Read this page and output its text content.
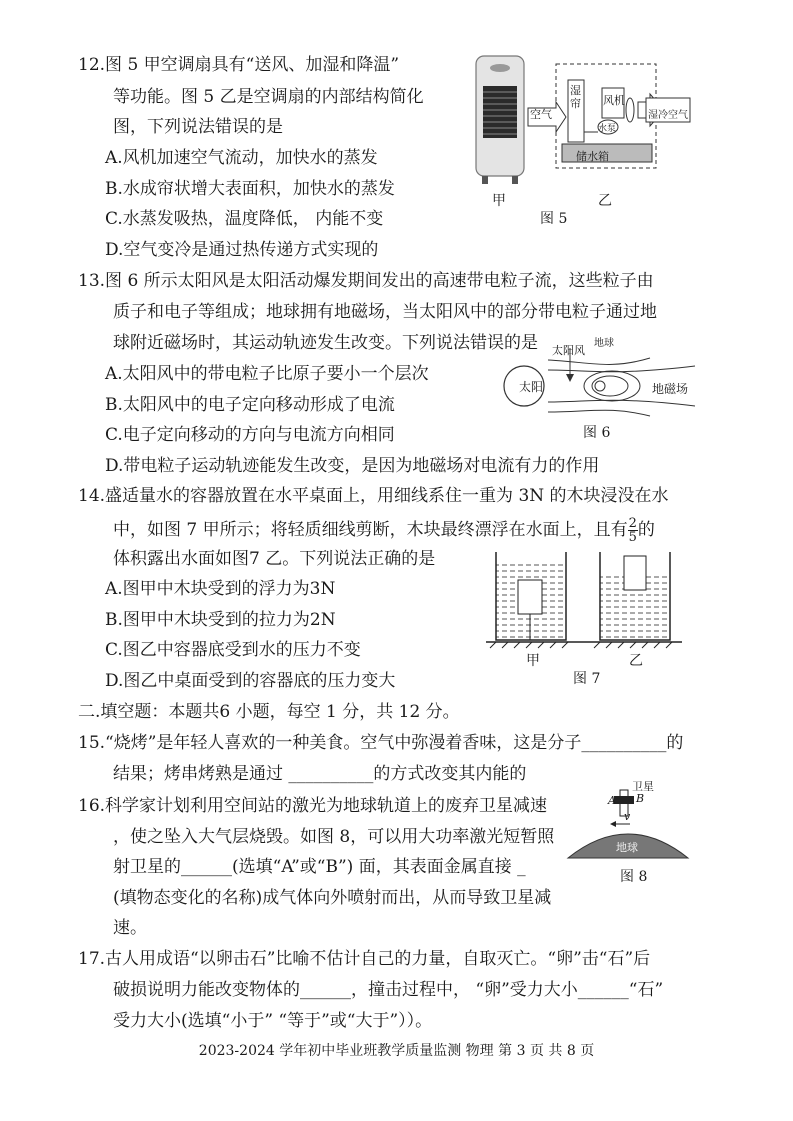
12.图 5 甲空调扇具有“送风、加湿和降温”
等功能。图 5 乙是空调扇的内部结构简化
图，下列说法错误的是
A.风机加速空气流动，加快水的蒸发
B.水成帘状增大表面积，加快水的蒸发
C.水蒸发吸热，温度降低， 内能不变
D.空气变冷是通过热传递方式实现的
甲
空气
湿帘 风机
水泵
储水箱
湿冷空气
乙
图 5
13.图 6 所示太阳风是太阳活动爆发期间发出的高速带电粒子流，这些粒子由
质子和电子等组成；地球拥有地磁场，当太阳风中的部分带电粒子通过地
球附近磁场时，其运动轨迹发生改变。下列说法错误的是
A.太阳风中的带电粒子比原子要小一个层次
B.太阳风中的电子定向移动形成了电流
C.电子定向移动的方向与电流方向相同
D.带电粒子运动轨迹能发生改变，是因为地磁场对电流有力的作用
太阳
太阳风
地球
地磁场
图 6
14.盛适量水的容器放置在水平桌面上，用细线系住一重为 3N 的木块浸没在水
中，如图 7 甲所示；将轻质细线剪断，木块最终漂浮在水面上，且有 $\frac{2}{5}$ 的
体积露出水面如图7 乙。下列说法正确的是
A.图甲中木块受到的浮力为3N
B.图甲中木块受到的拉力为2N
C.图乙中容器底受到水的压力不变
D.图乙中桌面受到的容器底的压力变大
甲	乙
图 7
二.填空题：本题共6 小题，每空 1 分，共 12 分。
15.“烧烤”是年轻人喜欢的一种美食。空气中弥漫着香味，这是分子__________的
结果；烤串烤熟是通过 __________的方式改变其内能的
16.科学家计划利用空间站的激光为地球轨道上的废弃卫星减速
，使之坠入大气层烧毁。如图 8，可以用大功率激光短暂照
射卫星的______(选填“A”或“B”) 面，其表面金属直接 _
(填物态变化的名称)成气体向外喷射而出，从而导致卫星减
速。
卫星
A B
v
地球
图 8
17.古人用成语“以卵击石”比喻不估计自己的力量，自取灭亡。“卵”击“石”后
破损说明力能改变物体的______，撞击过程中， “卵”受力大小______“石”
受力大小(选填“小于” “等于”或“大于”））。
2023-2024 学年初中毕业班教学质量监测 物理 第 3 页 共 8 页
